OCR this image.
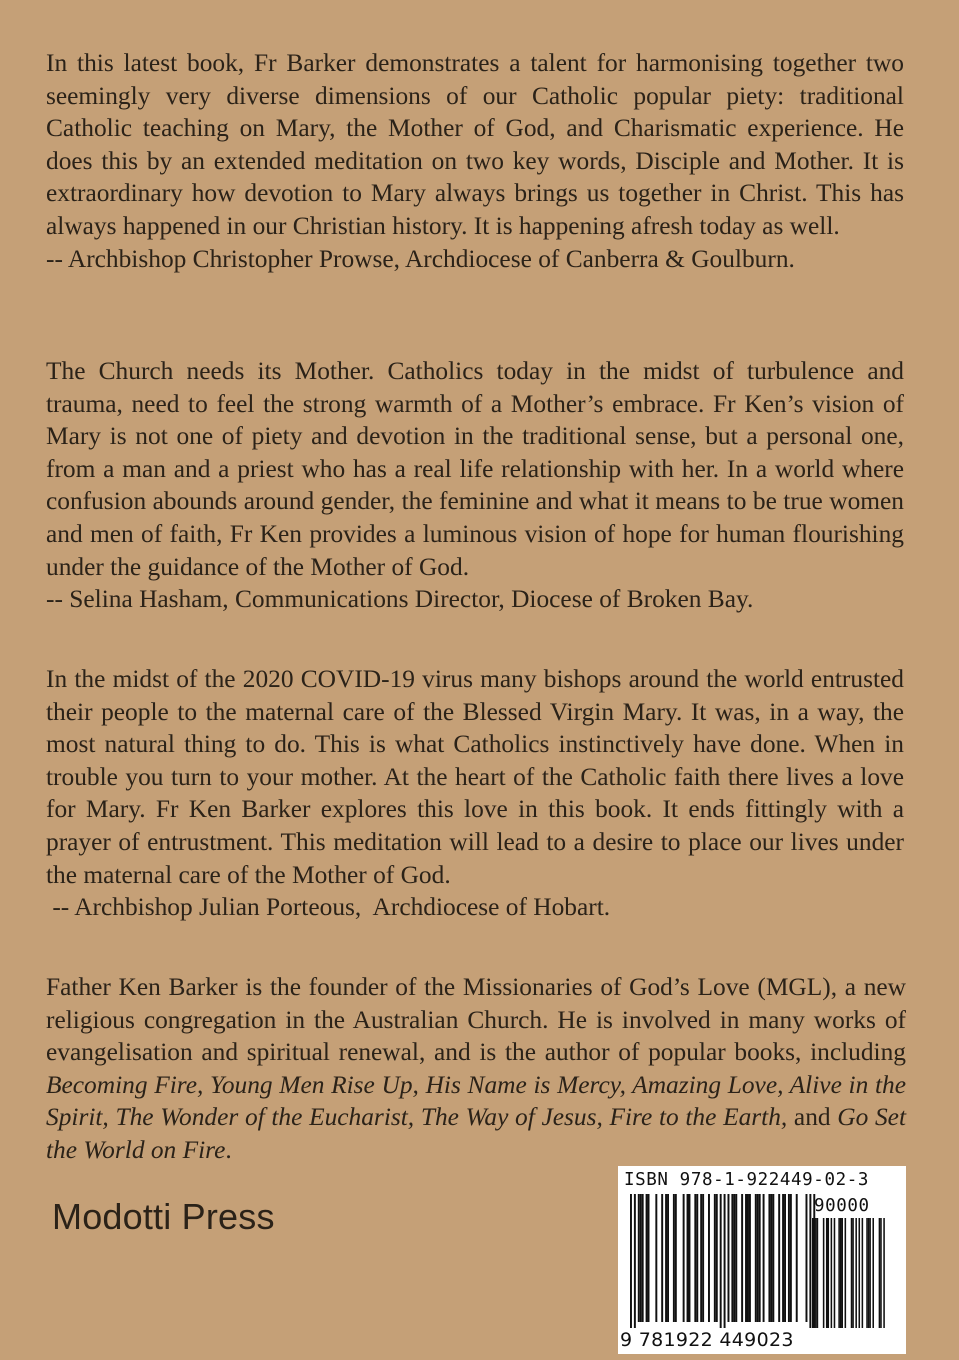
In this latest book, Fr Barker demonstrates a talent for harmonising together two seemingly very diverse dimensions of our Catholic popular piety: traditional Catholic teaching on Mary, the Mother of God, and Charismatic experience. He does this by an extended meditation on two key words, Disciple and Mother. It is extraordinary how devotion to Mary always brings us together in Christ. This has always happened in our Christian history. It is happening afresh today as well.

-- Archbishop Christopher Prowse, Archdiocese of Canberra & Goulburn.

The Church needs its Mother. Catholics today in the midst of turbulence and trauma, need to feel the strong warmth of a Mother’s embrace. Fr Ken’s vision of Mary is not one of piety and devotion in the traditional sense, but a personal one, from a man and a priest who has a real life relationship with her. In a world where confusion abounds around gender, the feminine and what it means to be true women and men of faith, Fr Ken provides a luminous vision of hope for human flourishing under the guidance of the Mother of God.

-- Selina Hasham, Communications Director, Diocese of Broken Bay.

In the midst of the 2020 COVID-19 virus many bishops around the world entrusted their people to the maternal care of the Blessed Virgin Mary. It was, in a way, the most natural thing to do. This is what Catholics instinctively have done. When in trouble you turn to your mother. At the heart of the Catholic faith there lives a love for Mary. Fr Ken Barker explores this love in this book. It ends fittingly with a prayer of entrustment. This meditation will lead to a desire to place our lives under the maternal care of the Mother of God.

-- Archbishop Julian Porteous,  Archdiocese of Hobart.

Father Ken Barker is the founder of the Missionaries of God’s Love (MGL), a new religious congregation in the Australian Church. He is involved in many works of evangelisation and spiritual renewal, and is the author of popular books, including Becoming Fire, Young Men Rise Up, His Name is Mercy, Amazing Love, Alive in the Spirit, The Wonder of the Eucharist, The Way of Jesus, Fire to the Earth, and Go Set the World on Fire.

Modotti Press
ISBN 978-1-922449-02-3
90000
9 781922 449023
